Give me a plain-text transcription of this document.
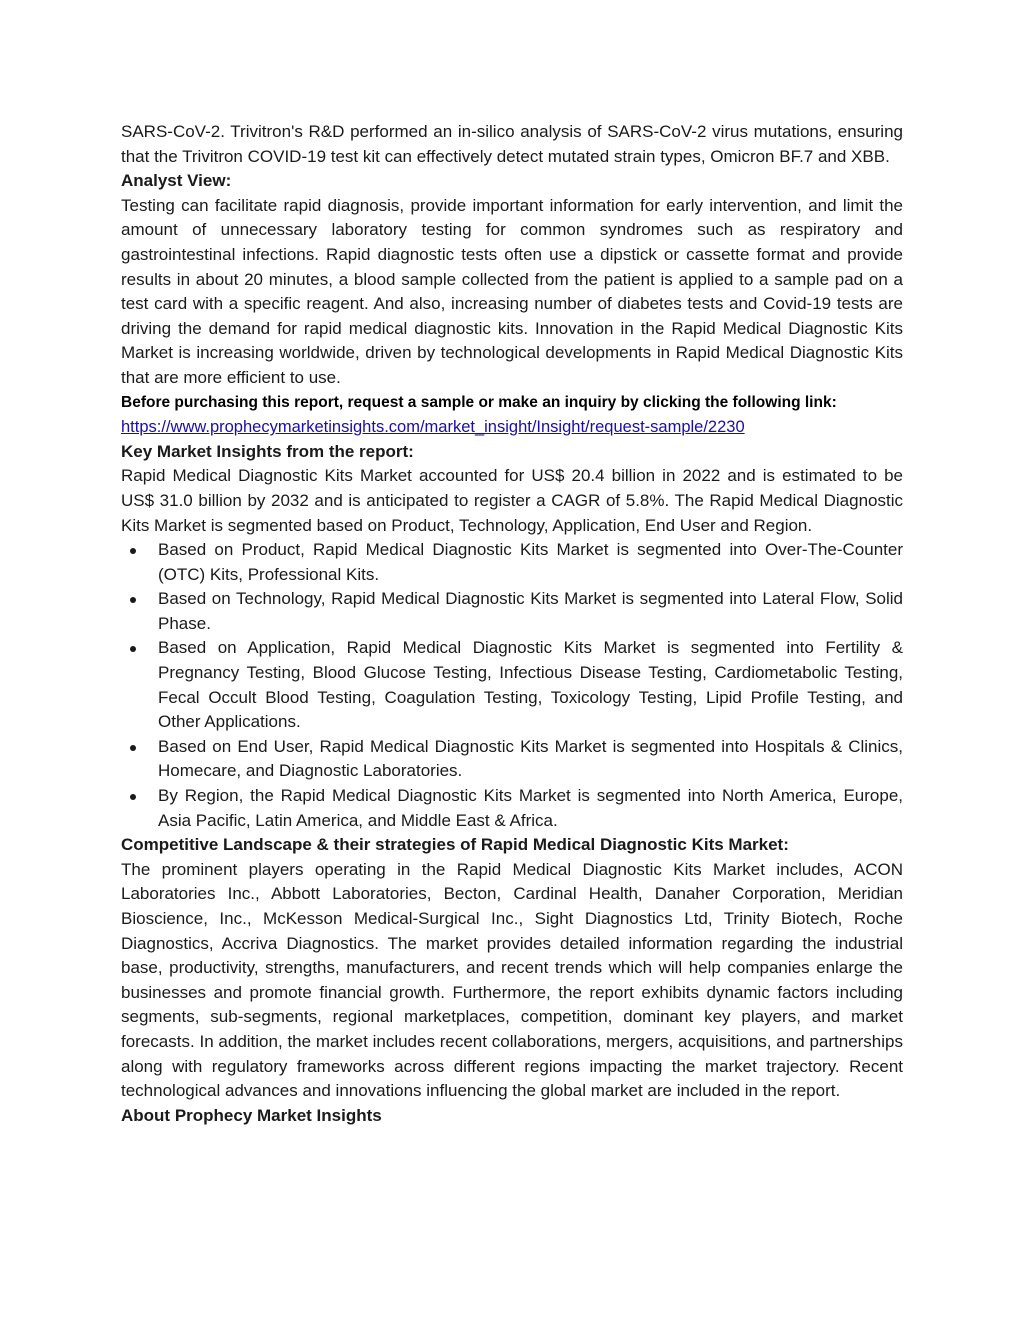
SARS-CoV-2. Trivitron's R&D performed an in-silico analysis of SARS-CoV-2 virus mutations, ensuring that the Trivitron COVID-19 test kit can effectively detect mutated strain types, Omicron BF.7 and XBB.

Analyst View:

Testing can facilitate rapid diagnosis, provide important information for early intervention, and limit the amount of unnecessary laboratory testing for common syndromes such as respiratory and gastrointestinal infections. Rapid diagnostic tests often use a dipstick or cassette format and provide results in about 20 minutes, a blood sample collected from the patient is applied to a sample pad on a test card with a specific reagent. And also, increasing number of diabetes tests and Covid-19 tests are driving the demand for rapid medical diagnostic kits. Innovation in the Rapid Medical Diagnostic Kits Market is increasing worldwide, driven by technological developments in Rapid Medical Diagnostic Kits that are more efficient to use.

Before purchasing this report, request a sample or make an inquiry by clicking the following link:

https://www.prophecymarketinsights.com/market_insight/Insight/request-sample/2230

Key Market Insights from the report:

Rapid Medical Diagnostic Kits Market accounted for US$ 20.4 billion in 2022 and is estimated to be US$ 31.0 billion by 2032 and is anticipated to register a CAGR of 5.8%. The Rapid Medical Diagnostic Kits Market is segmented based on Product, Technology, Application, End User and Region.

Based on Product, Rapid Medical Diagnostic Kits Market is segmented into Over-The-Counter (OTC) Kits, Professional Kits.
Based on Technology, Rapid Medical Diagnostic Kits Market is segmented into Lateral Flow, Solid Phase.
Based on Application, Rapid Medical Diagnostic Kits Market is segmented into Fertility & Pregnancy Testing, Blood Glucose Testing, Infectious Disease Testing, Cardiometabolic Testing, Fecal Occult Blood Testing, Coagulation Testing, Toxicology Testing, Lipid Profile Testing, and Other Applications.
Based on End User, Rapid Medical Diagnostic Kits Market is segmented into Hospitals & Clinics, Homecare, and Diagnostic Laboratories.
By Region, the Rapid Medical Diagnostic Kits Market is segmented into North America, Europe, Asia Pacific, Latin America, and Middle East & Africa.

Competitive Landscape & their strategies of Rapid Medical Diagnostic Kits Market:

The prominent players operating in the Rapid Medical Diagnostic Kits Market includes, ACON Laboratories Inc., Abbott Laboratories, Becton, Cardinal Health, Danaher Corporation, Meridian Bioscience, Inc., McKesson Medical-Surgical Inc., Sight Diagnostics Ltd, Trinity Biotech, Roche Diagnostics, Accriva Diagnostics. The market provides detailed information regarding the industrial base, productivity, strengths, manufacturers, and recent trends which will help companies enlarge the businesses and promote financial growth. Furthermore, the report exhibits dynamic factors including segments, sub-segments, regional marketplaces, competition, dominant key players, and market forecasts. In addition, the market includes recent collaborations, mergers, acquisitions, and partnerships along with regulatory frameworks across different regions impacting the market trajectory. Recent technological advances and innovations influencing the global market are included in the report.

About Prophecy Market Insights
